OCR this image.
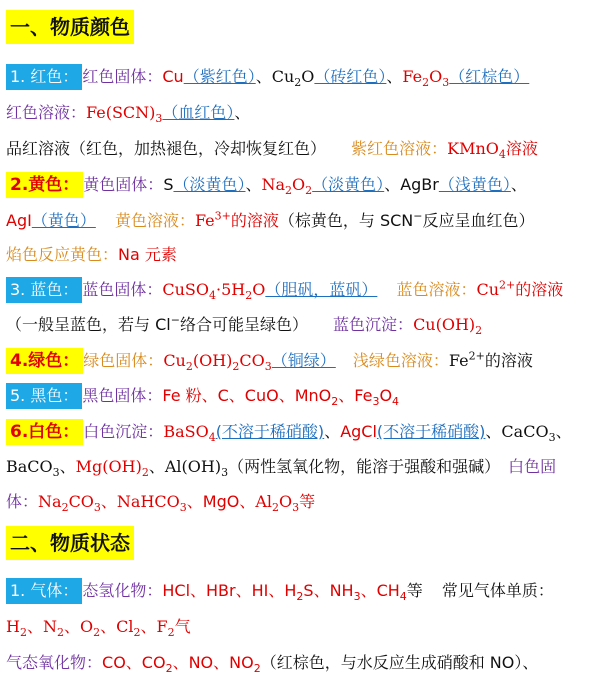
一、物质颜色
1. 红色： 红色固体：Cu（紫红色）、$Cu_2O$（砖红色）、$Fe_2O_3$（红棕色）
红色溶液：$Fe(SCN)_3$（血红色）、
品红溶液（红色，加热褪色，冷却恢复红色） 紫红色溶液：KMnO$_4$溶液
2.黄色： 黄色固体：S（淡黄色）、$Na_2O_2$（淡黄色）、AgBr（浅黄色）、
AgI（黄色） 黄色溶液：$Fe^{3+}$的溶液（棕黄色，与 SCN−反应呈血红色）
焰色反应黄色：Na 元素
3. 蓝色： 蓝色固体：$CuSO_4\cdot 5H_2O$（胆矾，蓝矾） 蓝色溶液：$Cu^{2+}$的溶液
（一般呈蓝色，若与 Cl−络合可能呈绿色） 蓝色沉淀：$Cu(OH)_2$
4.绿色： 绿色固体：$Cu_2(OH)_2CO_3$（铜绿） 浅绿色溶液：$Fe^{2+}$的溶液
5. 黑色： 黑色固体：Fe 粉、C、CuO、MnO$_2$、$Fe_3O_4$
6.白色： 白色沉淀：BaSO$_4$(不溶于稀硝酸)、AgCl(不溶于稀硝酸)、CaCO$_3$、
BaCO$_3$、$Mg(OH)_2$、$Al(OH)_3$（两性氢氧化物，能溶于强酸和强碱） 白色固
体：$Na_2CO_3$、NaHCO$_3$、MgO、$Al_2O_3$等
二、物质状态
1. 气体： 态氢化物：HCl、HBr、HI、$H_2S$、$NH_3$、$CH_4$等 常见气体单质：
$H_2$、$N_2$、$O_2$、$Cl_2$、$F_2$气
气态氧化物：CO、$CO_2$、NO、$NO_2$（红棕色，与水反应生成硝酸和 NO）、
